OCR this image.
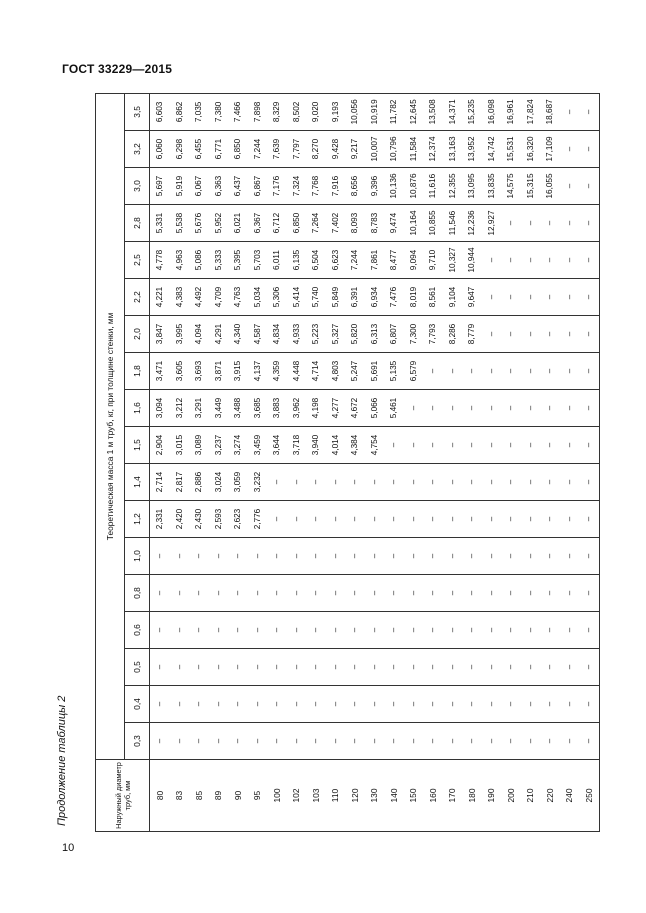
ГОСТ 33229—2015
Продолжение таблицы 2
10
Наружный диаметр труб, мм	Теоретическая масса 1 м труб, кг, при толщине стенки, мм																	
	0,3	0,4	0,5	0,6	0,8	1,0	1,2	1,4	1,5	1,6	1,8	2,0	2,2	2,5	2,8	3,0	3,2	3,5
80	–	–	–	–	–	–	2,331	2,714	2,904	3,094	3,471	3,847	4,221	4,778	5,331	5,697	6,060	6,603
83	–	–	–	–	–	–	2,420	2,817	3,015	3,212	3,605	3,995	4,383	4,963	5,538	5,919	6,298	6,862
85	–	–	–	–	–	–	2,430	2,886	3,089	3,291	3,693	4,094	4,492	5,086	5,676	6,067	6,455	7,035
89	–	–	–	–	–	–	2,593	3,024	3,237	3,449	3,871	4,291	4,709	5,333	5,952	6,363	6,771	7,380
90	–	–	–	–	–	–	2,623	3,059	3,274	3,488	3,915	4,340	4,763	5,395	6,021	6,437	6,850	7,466
95	–	–	–	–	–	–	2,776	3,232	3,459	3,685	4,137	4,587	5,034	5,703	6,367	6,867	7,244	7,898
100	–	–	–	–	–	–	–	–	3,644	3,883	4,359	4,834	5,306	6,011	6,712	7,176	7,639	8,329
102	–	–	–	–	–	–	–	–	3,718	3,962	4,448	4,933	5,414	6,135	6,850	7,324	7,797	8,502
103	–	–	–	–	–	–	–	–	3,940	4,198	4,714	5,223	5,740	6,504	7,264	7,768	8,270	9,020
110	–	–	–	–	–	–	–	–	4,014	4,277	4,803	5,327	5,849	6,623	7,402	7,916	9,428	9,193
120	–	–	–	–	–	–	–	–	4,384	4,672	5,247	5,820	6,391	7,244	8,093	8,656	9,217	10,056
130	–	–	–	–	–	–	–	–	4,754	5,066	5,691	6,313	6,934	7,861	8,783	9,396	10,007	10,919
140	–	–	–	–	–	–	–	–	–	5,461	5,135	6,807	7,476	8,477	9,474	10,136	10,796	11,782
150	–	–	–	–	–	–	–	–	–	–	6,579	7,300	8,019	9,094	10,164	10,876	11,584	12,645
160	–	–	–	–	–	–	–	–	–	–	–	7,793	8,561	9,710	10,855	11,616	12,374	13,508
170	–	–	–	–	–	–	–	–	–	–	–	8,286	9,104	10,327	11,546	12,355	13,163	14,371
180	–	–	–	–	–	–	–	–	–	–	–	8,779	9,647	10,944	12,236	13,095	13,952	15,235
190	–	–	–	–	–	–	–	–	–	–	–	–	–	–	12,927	13,835	14,742	16,098
200	–	–	–	–	–	–	–	–	–	–	–	–	–	–	–	14,575	15,531	16,961
210	–	–	–	–	–	–	–	–	–	–	–	–	–	–	–	15,315	16,320	17,824
220	–	–	–	–	–	–	–	–	–	–	–	–	–	–	–	16,055	17,109	18,687
240	–	–	–	–	–	–	–	–	–	–	–	–	–	–	–	–	–	–
250	–	–	–	–	–	–	–	–	–	–	–	–	–	–	–	–	–	–
